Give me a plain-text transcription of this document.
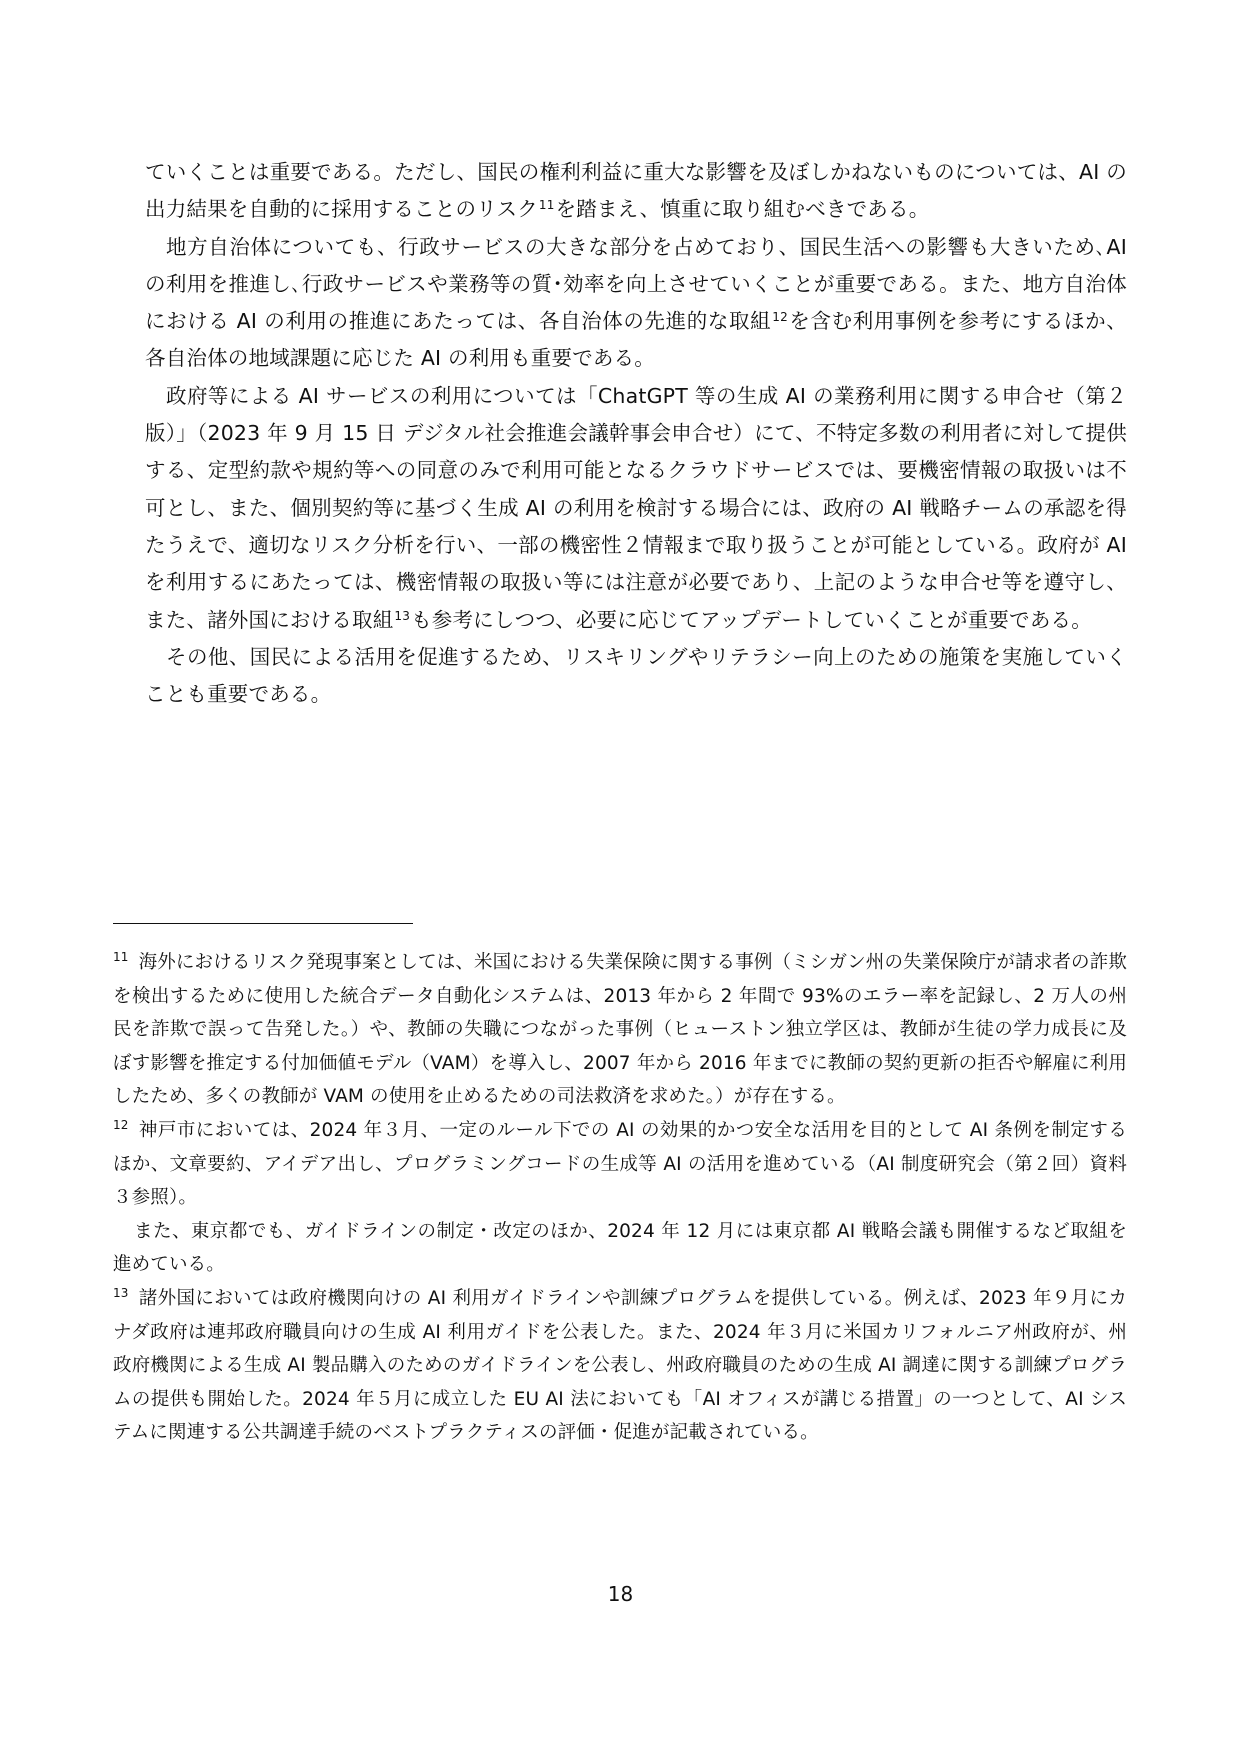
ていくことは重要である。ただし、国民の権利利益に重大な影響を及ぼしかねないものについては、AI の出力結果を自動的に採用することのリスク$^{11}$を踏まえ、慎重に取り組むべきである。

地方自治体についても、行政サービスの大きな部分を占めており、国民生活への影響も大きいため､AI の利用を推進し､行政サービスや業務等の質･効率を向上させていくことが重要である。また、地方自治体における AI の利用の推進にあたっては、各自治体の先進的な取組$^{12}$を含む利用事例を参考にするほか、各自治体の地域課題に応じた AI の利用も重要である。

政府等による AI サービスの利用については「ChatGPT 等の生成 AI の業務利用に関する申合せ（第２版）」（2023 年 9 月 15 日 デジタル社会推進会議幹事会申合せ）にて、不特定多数の利用者に対して提供する、定型約款や規約等への同意のみで利用可能となるクラウドサービスでは、要機密情報の取扱いは不可とし、また、個別契約等に基づく生成 AI の利用を検討する場合には、政府の AI 戦略チームの承認を得たうえで、適切なリスク分析を行い、一部の機密性２情報まで取り扱うことが可能としている。政府が AI を利用するにあたっては、機密情報の取扱い等には注意が必要であり、上記のような申合せ等を遵守し、また、諸外国における取組$^{13}$も参考にしつつ、必要に応じてアップデートしていくことが重要である。

その他、国民による活用を促進するため、リスキリングやリテラシー向上のための施策を実施していくことも重要である。

$^{11}$ 海外におけるリスク発現事案としては、米国における失業保険に関する事例（ミシガン州の失業保険庁が請求者の詐欺を検出するために使用した統合データ自動化システムは、2013 年から 2 年間で 93%のエラー率を記録し、2 万人の州民を詐欺で誤って告発した。）や、教師の失職につながった事例（ヒューストン独立学区は、教師が生徒の学力成長に及ぼす影響を推定する付加価値モデル（VAM）を導入し、2007 年から 2016 年までに教師の契約更新の拒否や解雇に利用したため、多くの教師が VAM の使用を止めるための司法救済を求めた。）が存在する。

$^{12}$ 神戸市においては、2024 年３月、一定のルール下での AI の効果的かつ安全な活用を目的として AI 条例を制定するほか、文章要約、アイデア出し、プログラミングコードの生成等 AI の活用を進めている（AI 制度研究会（第２回）資料３参照）。

また、東京都でも、ガイドラインの制定・改定のほか、2024 年 12 月には東京都 AI 戦略会議も開催するなど取組を進めている。

$^{13}$ 諸外国においては政府機関向けの AI 利用ガイドラインや訓練プログラムを提供している。例えば、2023 年９月にカナダ政府は連邦政府職員向けの生成 AI 利用ガイドを公表した。また、2024 年３月に米国カリフォルニア州政府が、州政府機関による生成 AI 製品購入のためのガイドラインを公表し、州政府職員のための生成 AI 調達に関する訓練プログラムの提供も開始した。2024 年５月に成立した EU AI 法においても「AI オフィスが講じる措置」の一つとして、AI システムに関連する公共調達手続のベストプラクティスの評価・促進が記載されている。

18
